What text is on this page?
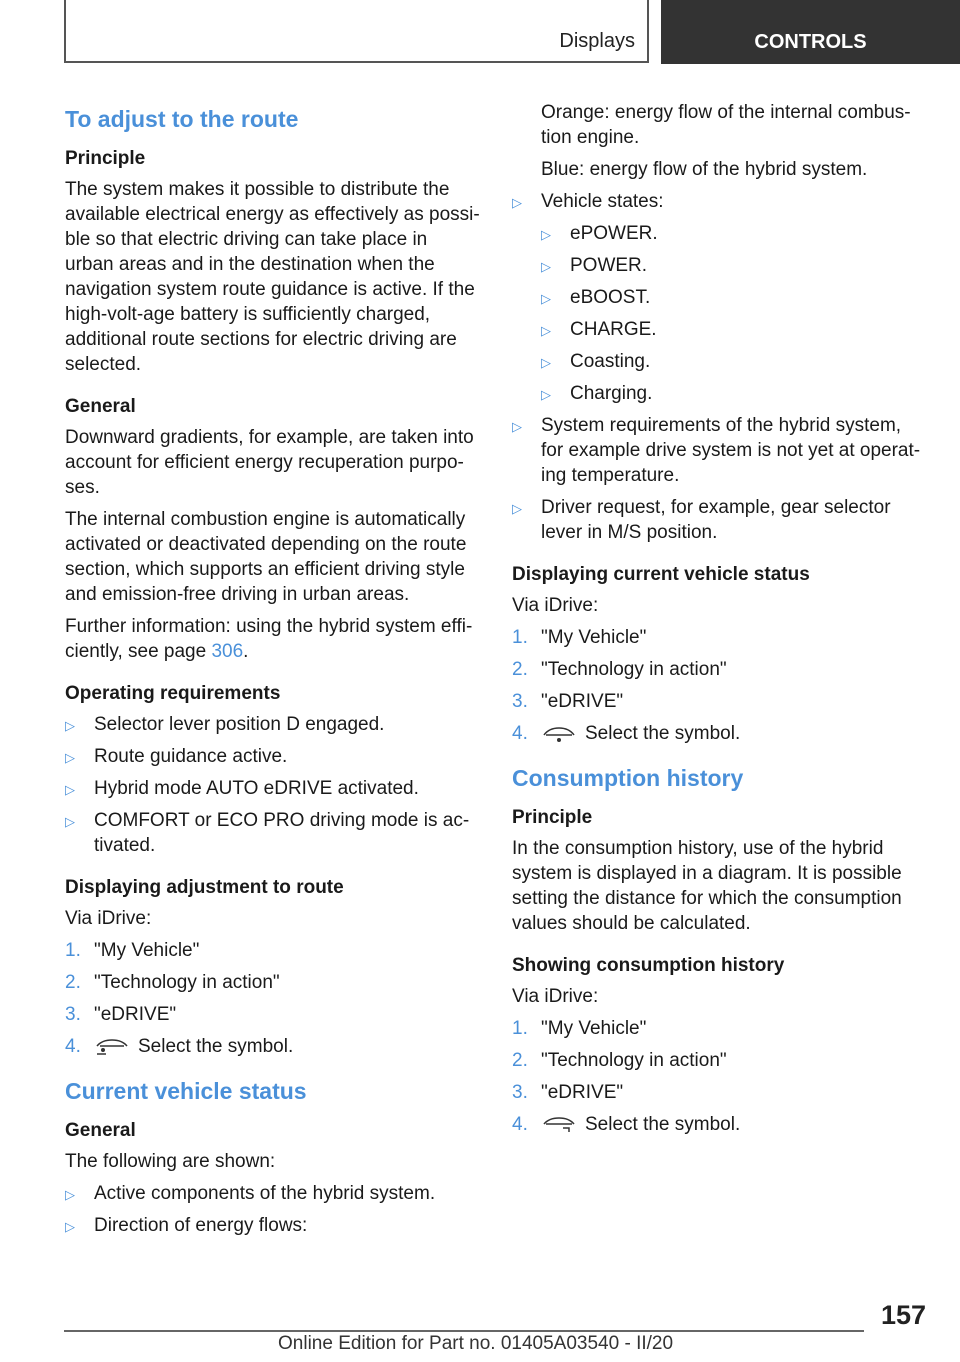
Displays	CONTROLS
To adjust to the route
Principle

The system makes it possible to distribute the available electrical energy as effectively as possi-ble so that electric driving can take place in urban areas and in the destination when the navigation system route guidance is active. If the high-volt-age battery is sufficiently charged, additional route sections for electric driving are selected.

General

Downward gradients, for example, are taken into account for efficient energy recuperation purpo-ses.

The internal combustion engine is automatically activated or deactivated depending on the route section, which supports an efficient driving style and emission-free driving in urban areas.

Further information: using the hybrid system effi-ciently, see page 306.

Operating requirements
▷ Selector lever position D engaged.
▷ Route guidance active.
▷ Hybrid mode AUTO eDRIVE activated.
▷ COMFORT or ECO PRO driving mode is ac-tivated.
Displaying adjustment to route

Via iDrive:

1. "My Vehicle"
2. "Technology in action"
3. "eDRIVE"
4.	Select the symbol.
Current vehicle status
General

The following are shown:

▷ Active components of the hybrid system.
▷ Direction of energy flows:

Orange: energy flow of the internal combus-tion engine.

Blue: energy flow of the hybrid system.

▷ Vehicle states:
▷ ePOWER.
▷ POWER.
▷ eBOOST.
▷ CHARGE.
▷ Coasting.
▷ Charging.
▷ System requirements of the hybrid system, for example drive system is not yet at operat-ing temperature.
▷ Driver request, for example, gear selector lever in M/S position.
Displaying current vehicle status

Via iDrive:

1. "My Vehicle"
2. "Technology in action"
3. "eDRIVE"
4.	Select the symbol.
Consumption history
Principle

In the consumption history, use of the hybrid system is displayed in a diagram. It is possible setting the distance for which the consumption values should be calculated.

Showing consumption history

Via iDrive:

1. "My Vehicle"
2. "Technology in action"
3. "eDRIVE"
4.	Select the symbol.
157
Online Edition for Part no. 01405A03540 - II/20
